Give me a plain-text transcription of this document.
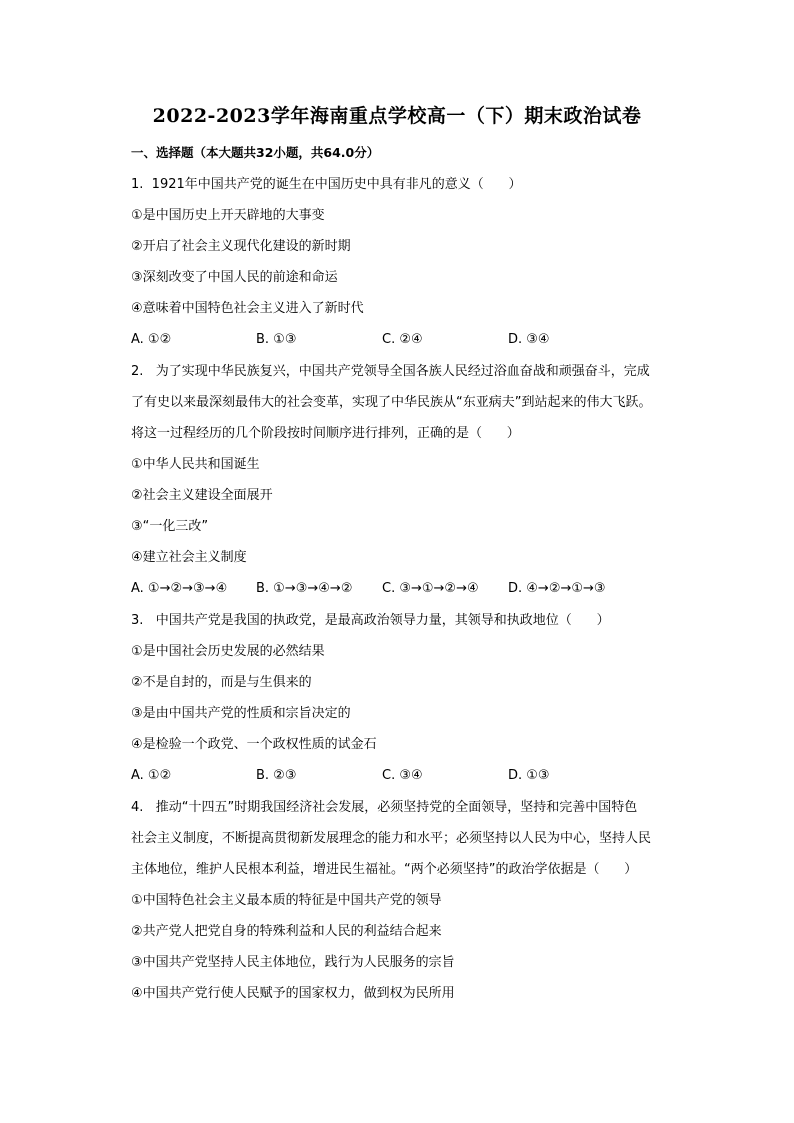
2022-2023学年海南重点学校高一（下）期末政治试卷
一、选择题（本大题共32小题，共64.0分）
1.  1921年中国共产党的诞生在中国历史中具有非凡的意义（      ）
①是中国历史上开天辟地的大事变
②开启了社会主义现代化建设的新时期
③深刻改变了中国人民的前途和命运
④意味着中国特色社会主义进入了新时代
A. ①②	B. ①③	C. ②④	D. ③④
2.   为了实现中华民族复兴，中国共产党领导全国各族人民经过浴血奋战和顽强奋斗，完成
了有史以来最深刻最伟大的社会变革，实现了中华民族从“东亚病夫”到站起来的伟大飞跃。
将这一过程经历的几个阶段按时间顺序进行排列，正确的是（      ）
①中华人民共和国诞生
②社会主义建设全面展开
③“一化三改”
④建立社会主义制度
A. ①→②→③→④ B. ①→③→④→② C. ③→①→②→④ D. ④→②→①→③
3.   中国共产党是我国的执政党，是最高政治领导力量，其领导和执政地位（      ）
①是中国社会历史发展的必然结果
②不是自封的，而是与生俱来的
③是由中国共产党的性质和宗旨决定的
④是检验一个政党、一个政权性质的试金石
A. ①②	B. ②③	C. ③④	D. ①③
4.   推动“十四五”时期我国经济社会发展，必须坚持党的全面领导，坚持和完善中国特色
社会主义制度，不断提高贯彻新发展理念的能力和水平；必须坚持以人民为中心，坚持人民
主体地位，维护人民根本利益，增进民生福祉。“两个必须坚持”的政治学依据是（      ）
①中国特色社会主义最本质的特征是中国共产党的领导
②共产党人把党自身的特殊利益和人民的利益结合起来
③中国共产党坚持人民主体地位，践行为人民服务的宗旨
④中国共产党行使人民赋予的国家权力，做到权为民所用
